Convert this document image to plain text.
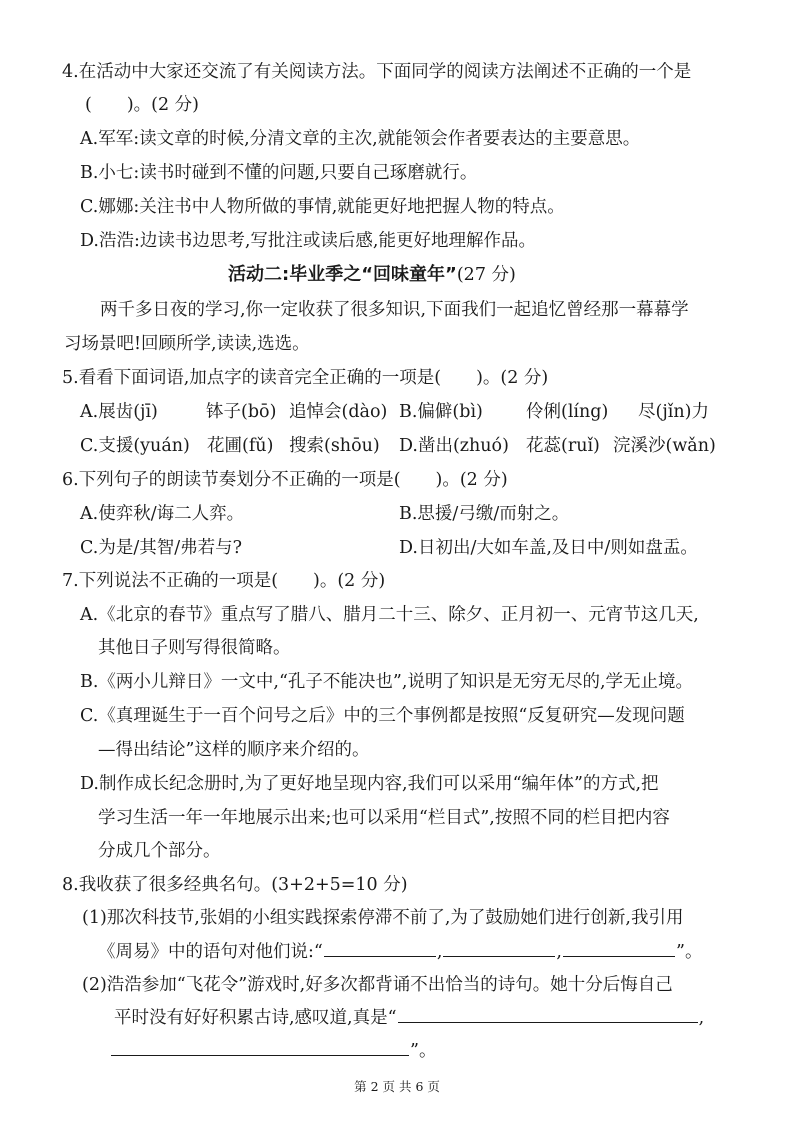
4.在活动中大家还交流了有关阅读方法。下面同学的阅读方法阐述不正确的一个是
(　　)。(2 分)
A.军军:读文章的时候,分清文章的主次,就能领会作者要表达的主要意思。
B.小七:读书时碰到不懂的问题,只要自己琢磨就行。
C.娜娜:关注书中人物所做的事情,就能更好地把握人物的特点。
D.浩浩:边读书边思考,写批注或读后感,能更好地理解作品。
活动二:毕业季之“回味童年”(27 分)
两千多日夜的学习,你一定收获了很多知识,下面我们一起追忆曾经那一幕幕学
习场景吧!回顾所学,读读,选选。
5.看看下面词语,加点字的读音完全正确的一项是(　　)。(2 分)
A.展齿(jī)	钵子(bō) 追悼会(dào) B.偏僻(bì) 伶俐(líng) 尽(jǐn)力
C.支援(yuán) 花圃(fǔ) 搜索(shōu) D.凿出(zhuó) 花蕊(ruǐ) 浣溪沙(wǎn)
6.下列句子的朗读节奏划分不正确的一项是(　　)。(2 分)
A.使弈秋/诲二人弈。	B.思援/弓缴/而射之。
C.为是/其智/弗若与?	D.日初出/大如车盖,及日中/则如盘盂。
7.下列说法不正确的一项是(　　)。(2 分)
A.《北京的春节》重点写了腊八、腊月二十三、除夕、正月初一、元宵节这几天,
其他日子则写得很简略。
B.《两小儿辩日》一文中,“孔子不能决也”,说明了知识是无穷无尽的,学无止境。
C.《真理诞生于一百个问号之后》中的三个事例都是按照“反复研究—发现问题
—得出结论”这样的顺序来介绍的。
D.制作成长纪念册时,为了更好地呈现内容,我们可以采用“编年体”的方式,把
学习生活一年一年地展示出来;也可以采用“栏目式”,按照不同的栏目把内容
分成几个部分。
8.我收获了很多经典名句。(3+2+5=10 分)
(1)那次科技节,张娟的小组实践探索停滞不前了,为了鼓励她们进行创新,我引用
《周易》中的语句对他们说:“	,	,	”。
(2)浩浩参加“飞花令”游戏时,好多次都背诵不出恰当的诗句。她十分后悔自己
平时没有好好积累古诗,感叹道,真是“	,
”。
第 2 页 共 6 页
